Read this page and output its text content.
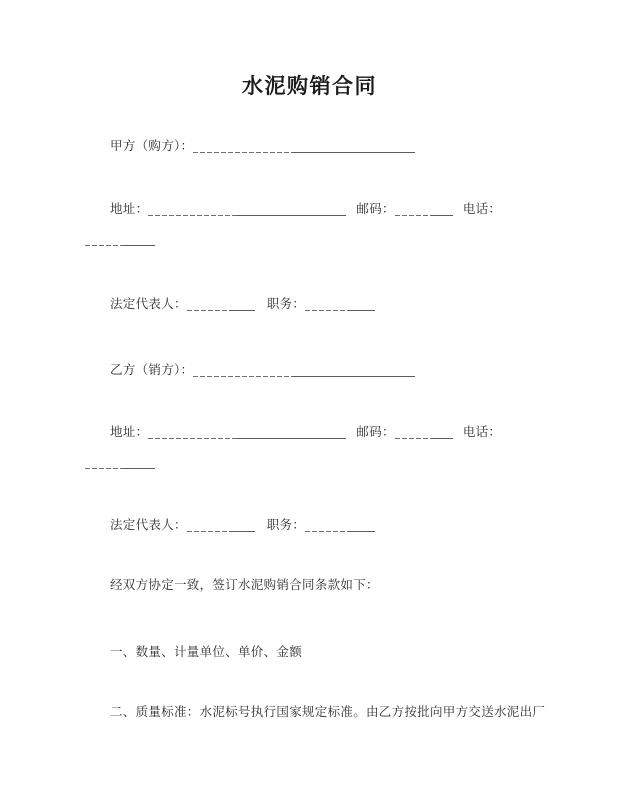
水泥购销合同
甲方（购方）：
地址：	邮码：	电话：
法定代表人：	职务：
乙方（销方）：
地址：	邮码：	电话：
法定代表人：	职务：
经双方协定一致，签订水泥购销合同条款如下：
一、数量、计量单位、单价、金额
二、质量标准：水泥标号执行国家规定标准。由乙方按批向甲方交送水泥出厂
